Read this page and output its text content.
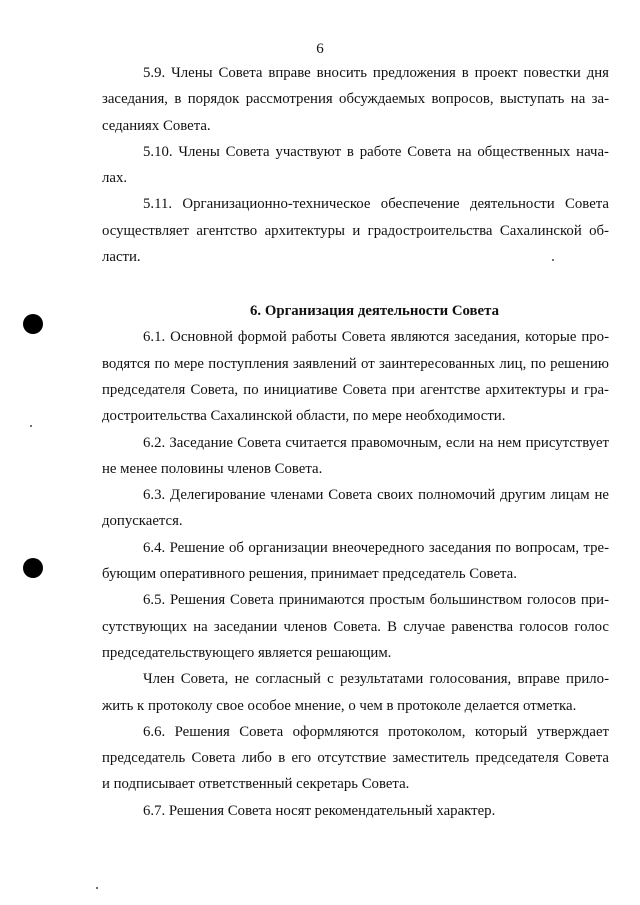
6
5.9. Члены Совета вправе вносить предложения в проект повестки дня
заседания, в порядок рассмотрения обсуждаемых вопросов, выступать на за-
седаниях Совета.
5.10. Члены Совета участвуют в работе Совета на общественных нача-
лах.
5.11. Организационно-техническое обеспечение деятельности Совета
осуществляет агентство архитектуры и градостроительства Сахалинской об-
ласти.
6. Организация деятельности Совета
6.1. Основной формой работы Совета являются заседания, которые про-
водятся по мере поступления заявлений от заинтересованных лиц, по решению
председателя Совета, по инициативе Совета при агентстве архитектуры и гра-
достроительства Сахалинской области, по мере необходимости.
6.2. Заседание Совета считается правомочным, если на нем присутствует
не менее половины членов Совета.
6.3. Делегирование членами Совета своих полномочий другим лицам не
допускается.
6.4. Решение об организации внеочередного заседания по вопросам, тре-
бующим оперативного решения, принимает председатель Совета.
6.5. Решения Совета принимаются простым большинством голосов при-
сутствующих на заседании членов Совета. В случае равенства голосов голос
председательствующего является решающим.
Член Совета, не согласный с результатами голосования, вправе прило-
жить к протоколу свое особое мнение, о чем в протоколе делается отметка.
6.6. Решения Совета оформляются протоколом, который утверждает
председатель Совета либо в его отсутствие заместитель председателя Совета
и подписывает ответственный секретарь Совета.
6.7. Решения Совета носят рекомендательный характер.
